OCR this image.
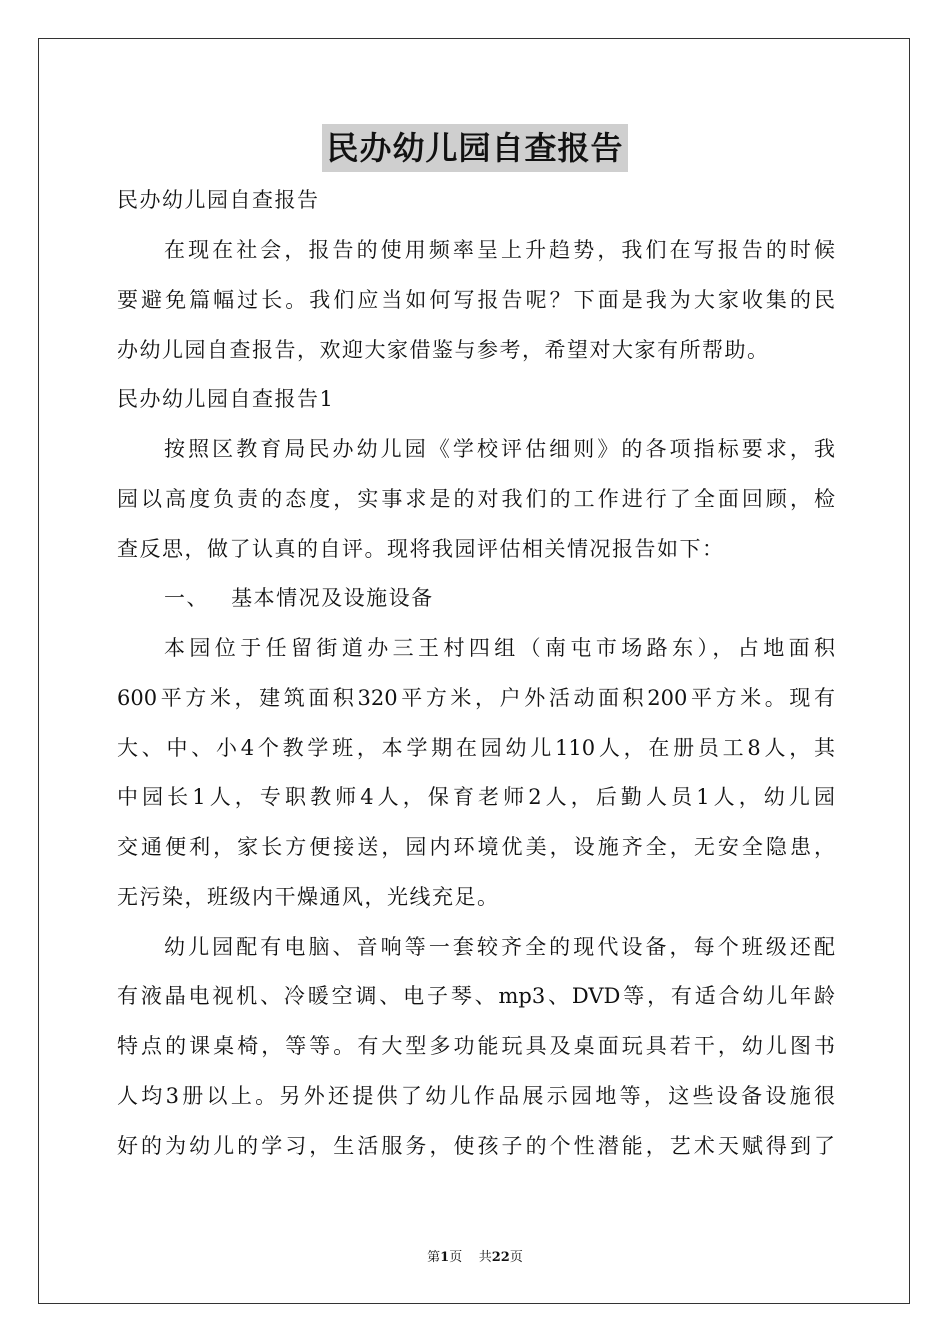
民办幼儿园自查报告
民办幼儿园自查报告
在现在社会，报告的使用频率呈上升趋势，我们在写报告的时候
要避免篇幅过长。我们应当如何写报告呢？下面是我为大家收集的民
办幼儿园自查报告，欢迎大家借鉴与参考，希望对大家有所帮助。
民办幼儿园自查报告1
按照区教育局民办幼儿园《学校评估细则》的各项指标要求，我
园以高度负责的态度，实事求是的对我们的工作进行了全面回顾，检
查反思，做了认真的自评。现将我园评估相关情况报告如下：
一、 基本情况及设施设备
本园位于任留街道办三王村四组（南屯市场路东），占地面积
600平方米，建筑面积320平方米，户外活动面积200平方米。现有
大、中、小4个教学班，本学期在园幼儿110人，在册员工8人，其
中园长1人，专职教师4人，保育老师2人，后勤人员1人，幼儿园
交通便利，家长方便接送，园内环境优美，设施齐全，无安全隐患，
无污染，班级内干燥通风，光线充足。
幼儿园配有电脑、音响等一套较齐全的现代设备，每个班级还配
有液晶电视机、冷暖空调、电子琴、mp3、DVD等，有适合幼儿年龄
特点的课桌椅，等等。有大型多功能玩具及桌面玩具若干，幼儿图书
人均3册以上。另外还提供了幼儿作品展示园地等，这些设备设施很
好的为幼儿的学习，生活服务，使孩子的个性潜能，艺术天赋得到了
第1页 共22页
